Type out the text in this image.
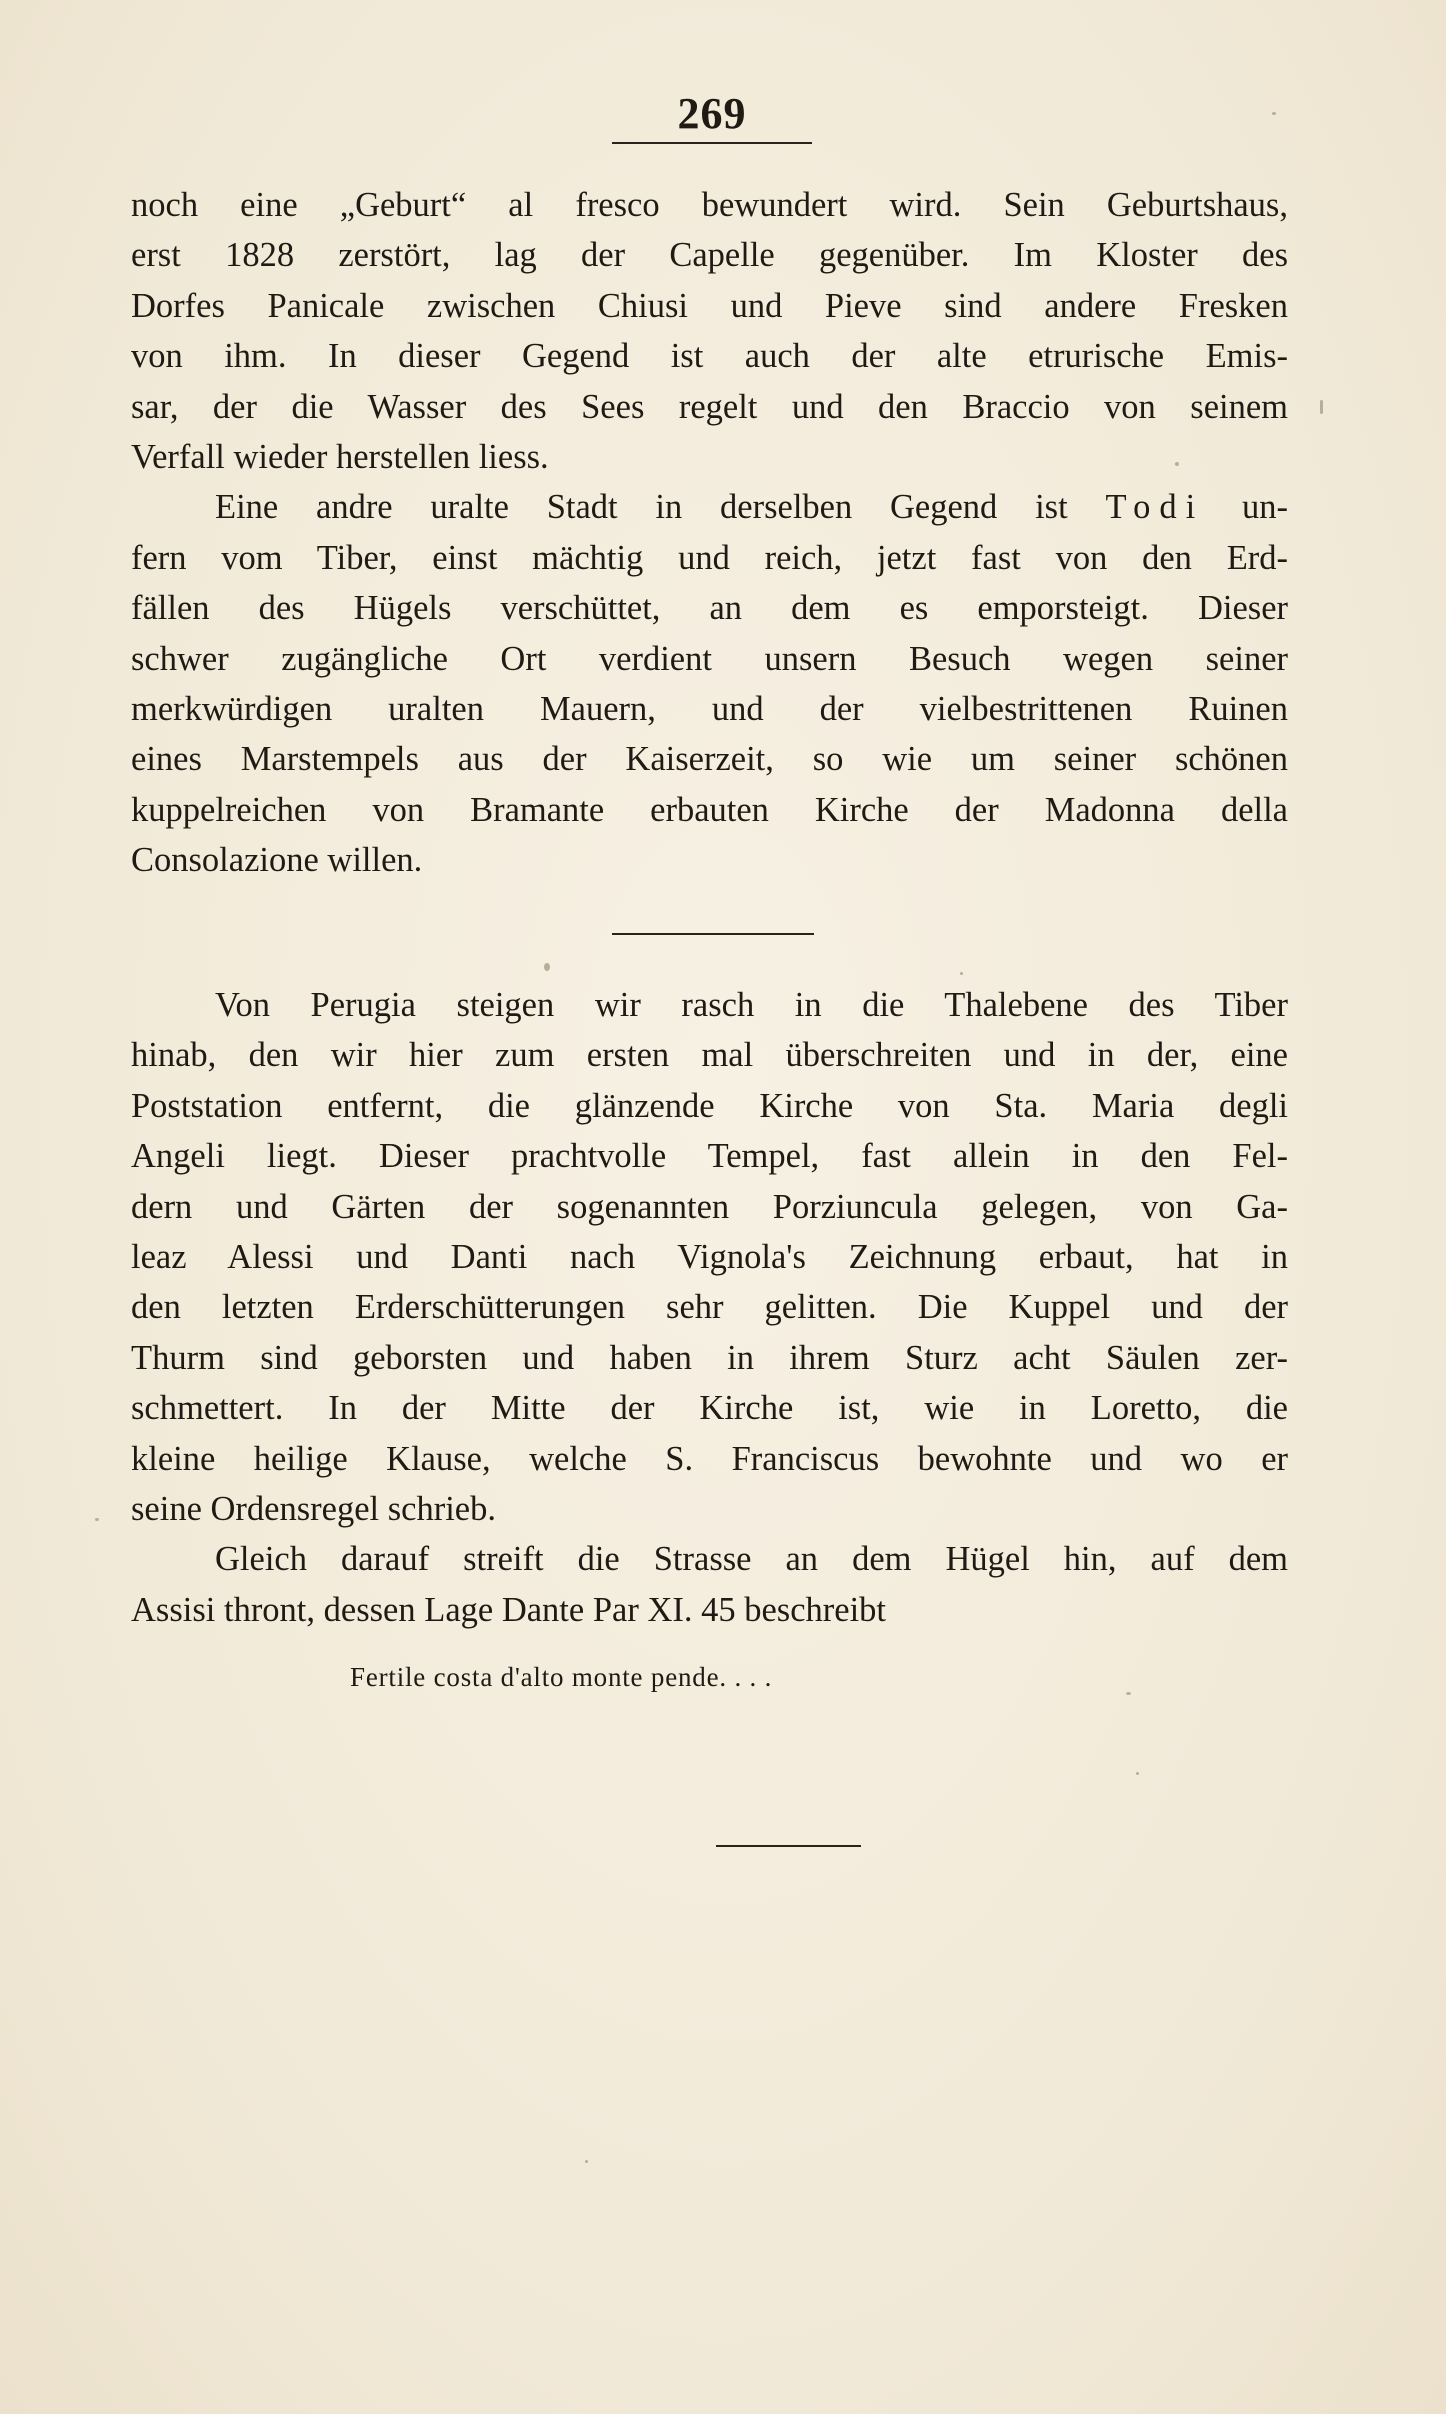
269
noch eine „Geburt“ al fresco bewundert wird. Sein Geburtshaus,
erst 1828 zerstört, lag der Capelle gegenüber. Im Kloster des
Dorfes Panicale zwischen Chiusi und Pieve sind andere Fresken
von ihm. In dieser Gegend ist auch der alte etrurische Emis-
sar, der die Wasser des Sees regelt und den Braccio von seinem
Verfall wieder herstellen liess.
Eine andre uralte Stadt in derselben Gegend ist Todi un-
fern vom Tiber, einst mächtig und reich, jetzt fast von den Erd-
fällen des Hügels verschüttet, an dem es emporsteigt. Dieser
schwer zugängliche Ort verdient unsern Besuch wegen seiner
merkwürdigen uralten Mauern, und der vielbestrittenen Ruinen
eines Marstempels aus der Kaiserzeit, so wie um seiner schönen
kuppelreichen von Bramante erbauten Kirche der Madonna della
Consolazione willen.
Von Perugia steigen wir rasch in die Thalebene des Tiber
hinab, den wir hier zum ersten mal überschreiten und in der, eine
Poststation entfernt, die glänzende Kirche von Sta. Maria degli
Angeli liegt. Dieser prachtvolle Tempel, fast allein in den Fel-
dern und Gärten der sogenannten Porziuncula gelegen, von Ga-
leaz Alessi und Danti nach Vignola's Zeichnung erbaut, hat in
den letzten Erderschütterungen sehr gelitten. Die Kuppel und der
Thurm sind geborsten und haben in ihrem Sturz acht Säulen zer-
schmettert. In der Mitte der Kirche ist, wie in Loretto, die
kleine heilige Klause, welche S. Franciscus bewohnte und wo er
seine Ordensregel schrieb.
Gleich darauf streift die Strasse an dem Hügel hin, auf dem
Assisi thront, dessen Lage Dante Par XI. 45 beschreibt
Fertile costa d'alto monte pende. . . .
